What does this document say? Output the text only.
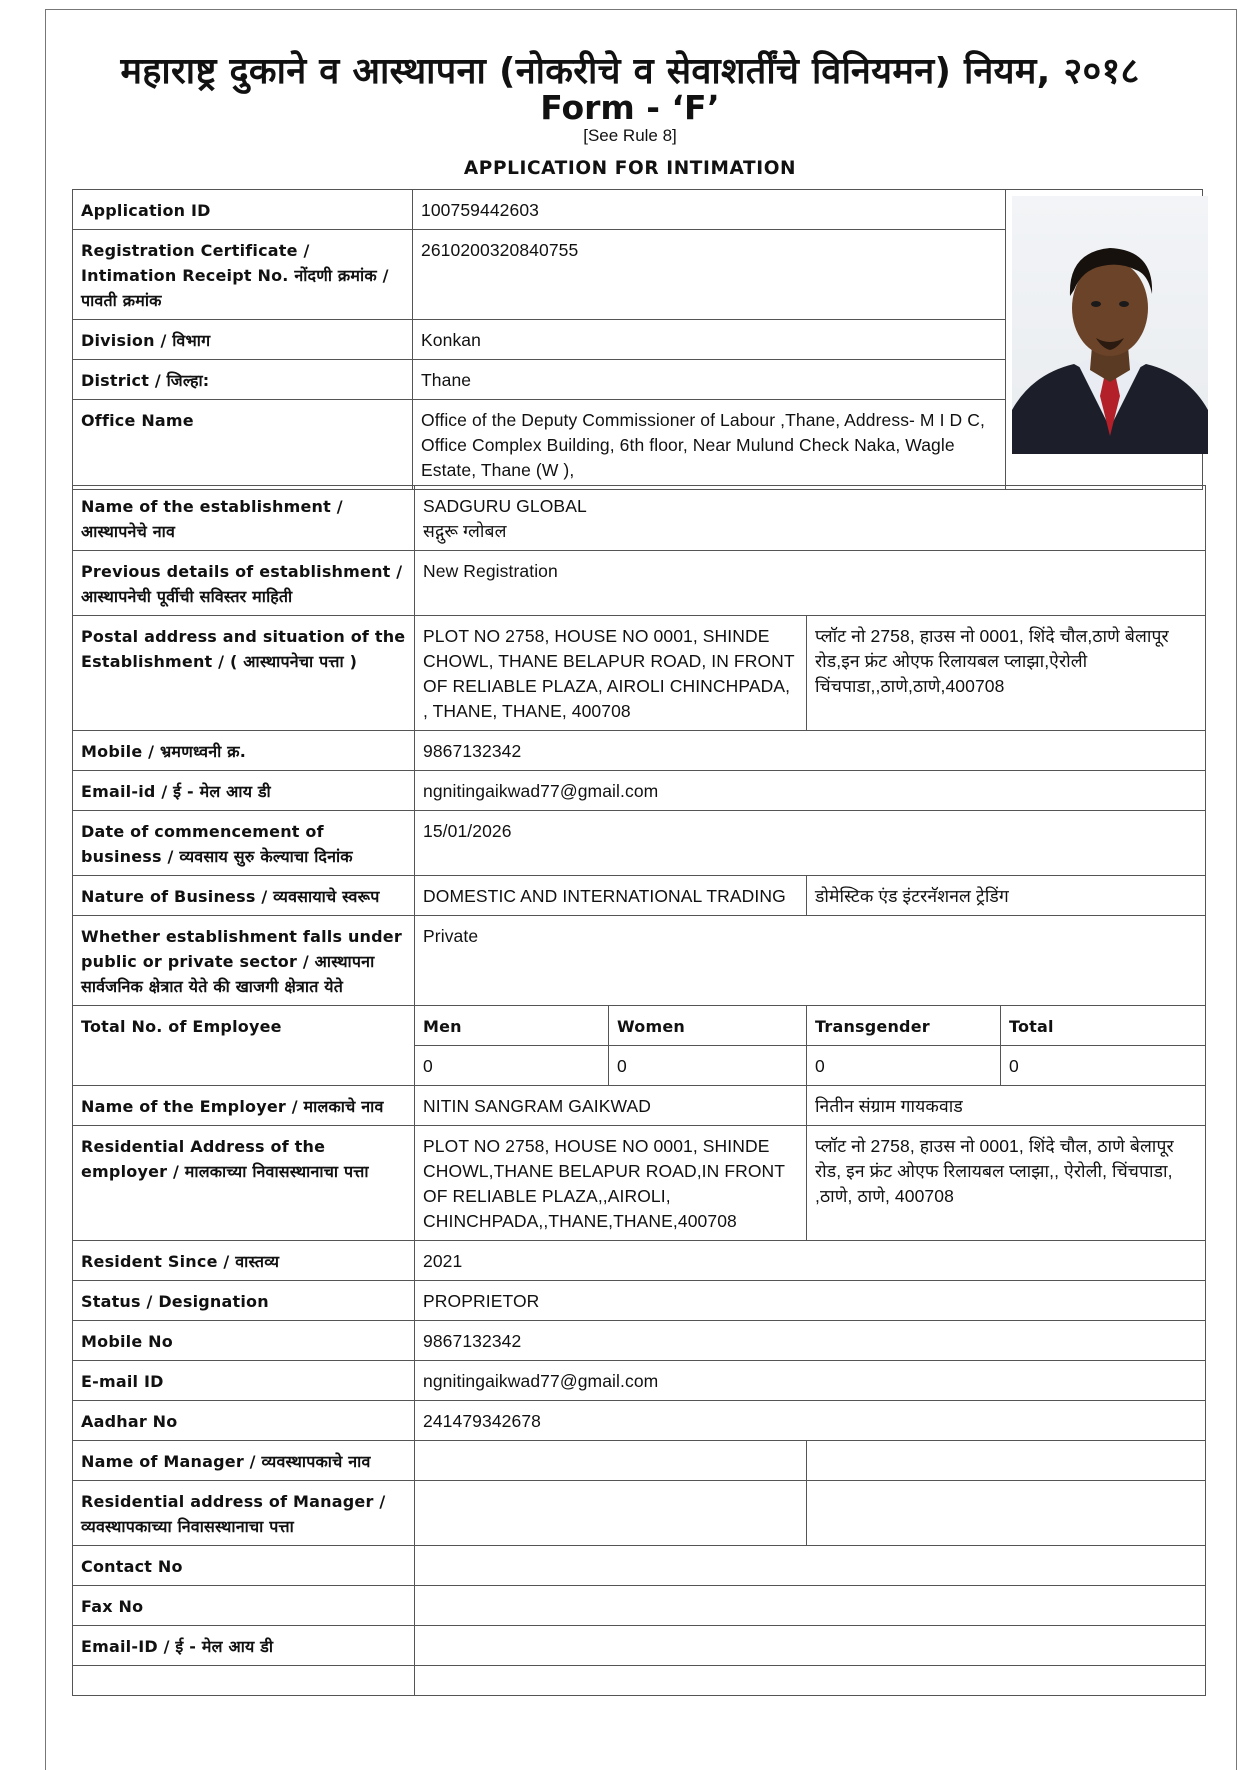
महाराष्ट्र दुकाने व आस्थापना (नोकरीचे व सेवाशर्तींचे विनियमन) नियम, २०१८
Form - ‘F’
[See Rule 8]
APPLICATION FOR INTIMATION
Application ID	100759442603	

Registration Certificate / Intimation Receipt No. नोंदणी क्रमांक / पावती क्रमांक	2610200320840755	
Division / विभाग	Konkan	
District / जिल्हा:	Thane	
Office Name	Office of the Deputy Commissioner of Labour ,Thane, Address- M I D C, Office Complex Building, 6th floor, Near Mulund Check Naka, Wagle Estate, Thane (W ),	
Name of the establishment / आस्थापनेचे नाव	SADGURU GLOBAL
सद्गुरू ग्लोबल			
Previous details of establishment / आस्थापनेची पूर्वीची सविस्तर माहिती	New Registration			
Postal address and situation of the Establishment / ( आस्थापनेचा पत्ता )	PLOT NO 2758, HOUSE NO 0001, SHINDE CHOWL, THANE BELAPUR ROAD, IN FRONT OF RELIABLE PLAZA, AIROLI CHINCHPADA, , THANE, THANE, 400708		प्लॉट नो 2758, हाउस नो 0001, शिंदे चौल,ठाणे बेलापूर रोड,इन फ्रंट ओएफ रिलायबल प्लाझा,ऐरोली चिंचपाडा,,ठाणे,ठाणे,400708	
Mobile / भ्रमणध्वनी क्र.	9867132342			
Email-id / ई - मेल आय डी	ngnitingaikwad77@gmail.com			
Date of commencement of business / व्यवसाय सुरु केल्याचा दिनांक	15/01/2026			
Nature of Business / व्यवसायाचे स्वरूप	DOMESTIC AND INTERNATIONAL TRADING		डोमेस्टिक एंड इंटरनॅशनल ट्रेडिंग	
Whether establishment falls under public or private sector / आस्थापना सार्वजनिक क्षेत्रात येते की खाजगी क्षेत्रात येते	Private			
Total No. of Employee	Men	Women	Transgender	Total
	0	0	0	0
Name of the Employer / मालकाचे नाव	NITIN SANGRAM GAIKWAD		नितीन संग्राम गायकवाड	
Residential Address of the employer / मालकाच्या निवासस्थानाचा पत्ता	PLOT NO 2758, HOUSE NO 0001, SHINDE CHOWL,THANE BELAPUR ROAD,IN FRONT OF RELIABLE PLAZA,,AIROLI, CHINCHPADA,,THANE,THANE,400708		प्लॉट नो 2758, हाउस नो 0001, शिंदे चौल, ठाणे बेलापूर रोड, इन फ्रंट ओएफ रिलायबल प्लाझा,, ऐरोली, चिंचपाडा, ,ठाणे, ठाणे, 400708	
Resident Since / वास्तव्य	2021			
Status / Designation	PROPRIETOR			
Mobile No	9867132342			
E-mail ID	ngnitingaikwad77@gmail.com			
Aadhar No	241479342678			
Name of Manager / व्यवस्थापकाचे नाव				
Residential address of Manager / व्यवस्थापकाच्या निवासस्थानाचा पत्ता				
Contact No				
Fax No				
Email-ID / ई - मेल आय डी				
